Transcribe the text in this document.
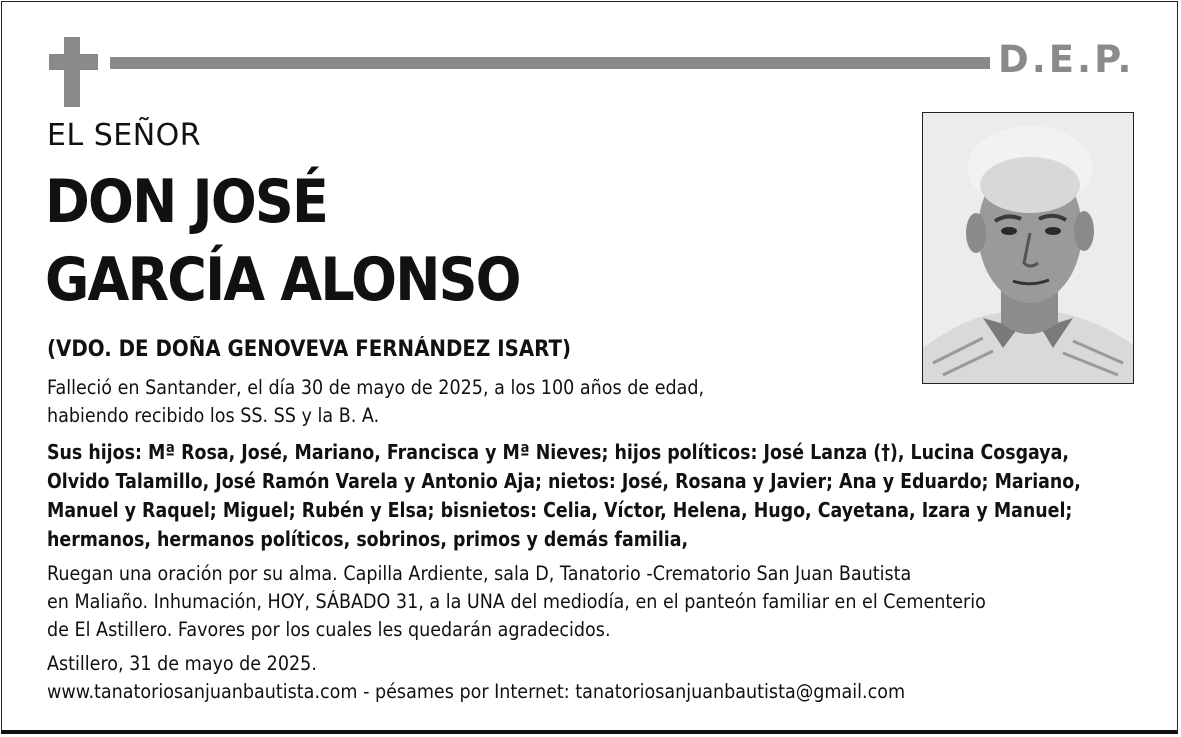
D.E.P.
EL SEÑOR
DON JOSÉ
GARCÍA ALONSO
(VDO. DE DOÑA GENOVEVA FERNÁNDEZ ISART)
Falleció en Santander, el día 30 de mayo de 2025, a los 100 años de edad,
habiendo recibido los SS. SS y la B. A.
Sus hijos: Mª Rosa, José, Mariano, Francisca y Mª Nieves; hijos políticos: José Lanza (†), Lucina Cosgaya,
Olvido Talamillo, José Ramón Varela y Antonio Aja; nietos: José, Rosana y Javier; Ana y Eduardo; Mariano,
Manuel y Raquel; Miguel; Rubén y Elsa; bisnietos: Celia, Víctor, Helena, Hugo, Cayetana, Izara y Manuel;
hermanos, hermanos políticos, sobrinos, primos y demás familia,
Ruegan una oración por su alma. Capilla Ardiente, sala D, Tanatorio -Crematorio San Juan Bautista
en Maliaño. Inhumación, HOY, SÁBADO 31, a la UNA del mediodía, en el panteón familiar en el Cementerio
de El Astillero. Favores por los cuales les quedarán agradecidos.
Astillero, 31 de mayo de 2025.
www.tanatoriosanjuanbautista.com - pésames por Internet: tanatoriosanjuanbautista@gmail.com
